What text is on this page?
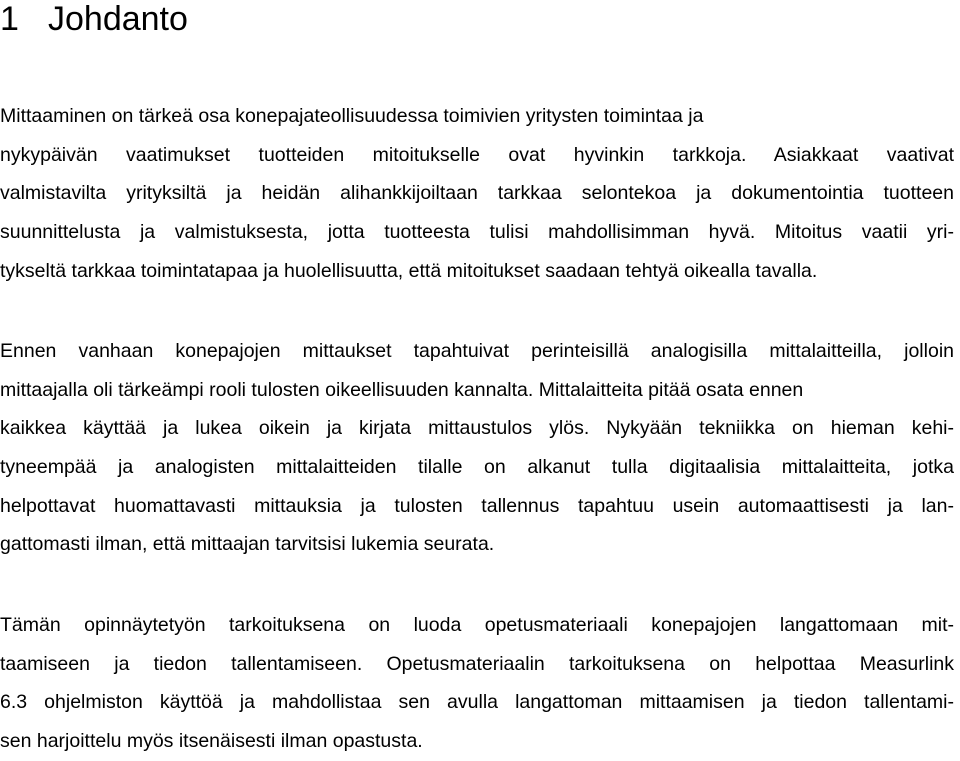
1 Johdanto
Mittaaminen on tärkeä osa konepajateollisuudessa toimivien yritysten toimintaa ja
nykypäivän vaatimukset tuotteiden mitoitukselle ovat hyvinkin tarkkoja. Asiakkaat vaativat
valmistavilta yrityksiltä ja heidän alihankkijoiltaan tarkkaa selontekoa ja dokumentointia tuotteen
suunnittelusta ja valmistuksesta, jotta tuotteesta tulisi mahdollisimman hyvä. Mitoitus vaatii yri-
tykseltä tarkkaa toimintatapaa ja huolellisuutta, että mitoitukset saadaan tehtyä oikealla tavalla.
Ennen vanhaan konepajojen mittaukset tapahtuivat perinteisillä analogisilla mittalaitteilla, jolloin
mittaajalla oli tärkeämpi rooli tulosten oikeellisuuden kannalta. Mittalaitteita pitää osata ennen
kaikkea käyttää ja lukea oikein ja kirjata mittaustulos ylös. Nykyään tekniikka on hieman kehi-
tyneempää ja analogisten mittalaitteiden tilalle on alkanut tulla digitaalisia mittalaitteita, jotka
helpottavat huomattavasti mittauksia ja tulosten tallennus tapahtuu usein automaattisesti ja lan-
gattomasti ilman, että mittaajan tarvitsisi lukemia seurata.
Tämän opinnäytetyön tarkoituksena on luoda opetusmateriaali konepajojen langattomaan mit-
taamiseen ja tiedon tallentamiseen. Opetusmateriaalin tarkoituksena on helpottaa Measurlink
6.3 ohjelmiston käyttöä ja mahdollistaa sen avulla langattoman mittaamisen ja tiedon tallentami-
sen harjoittelu myös itsenäisesti ilman opastusta.
